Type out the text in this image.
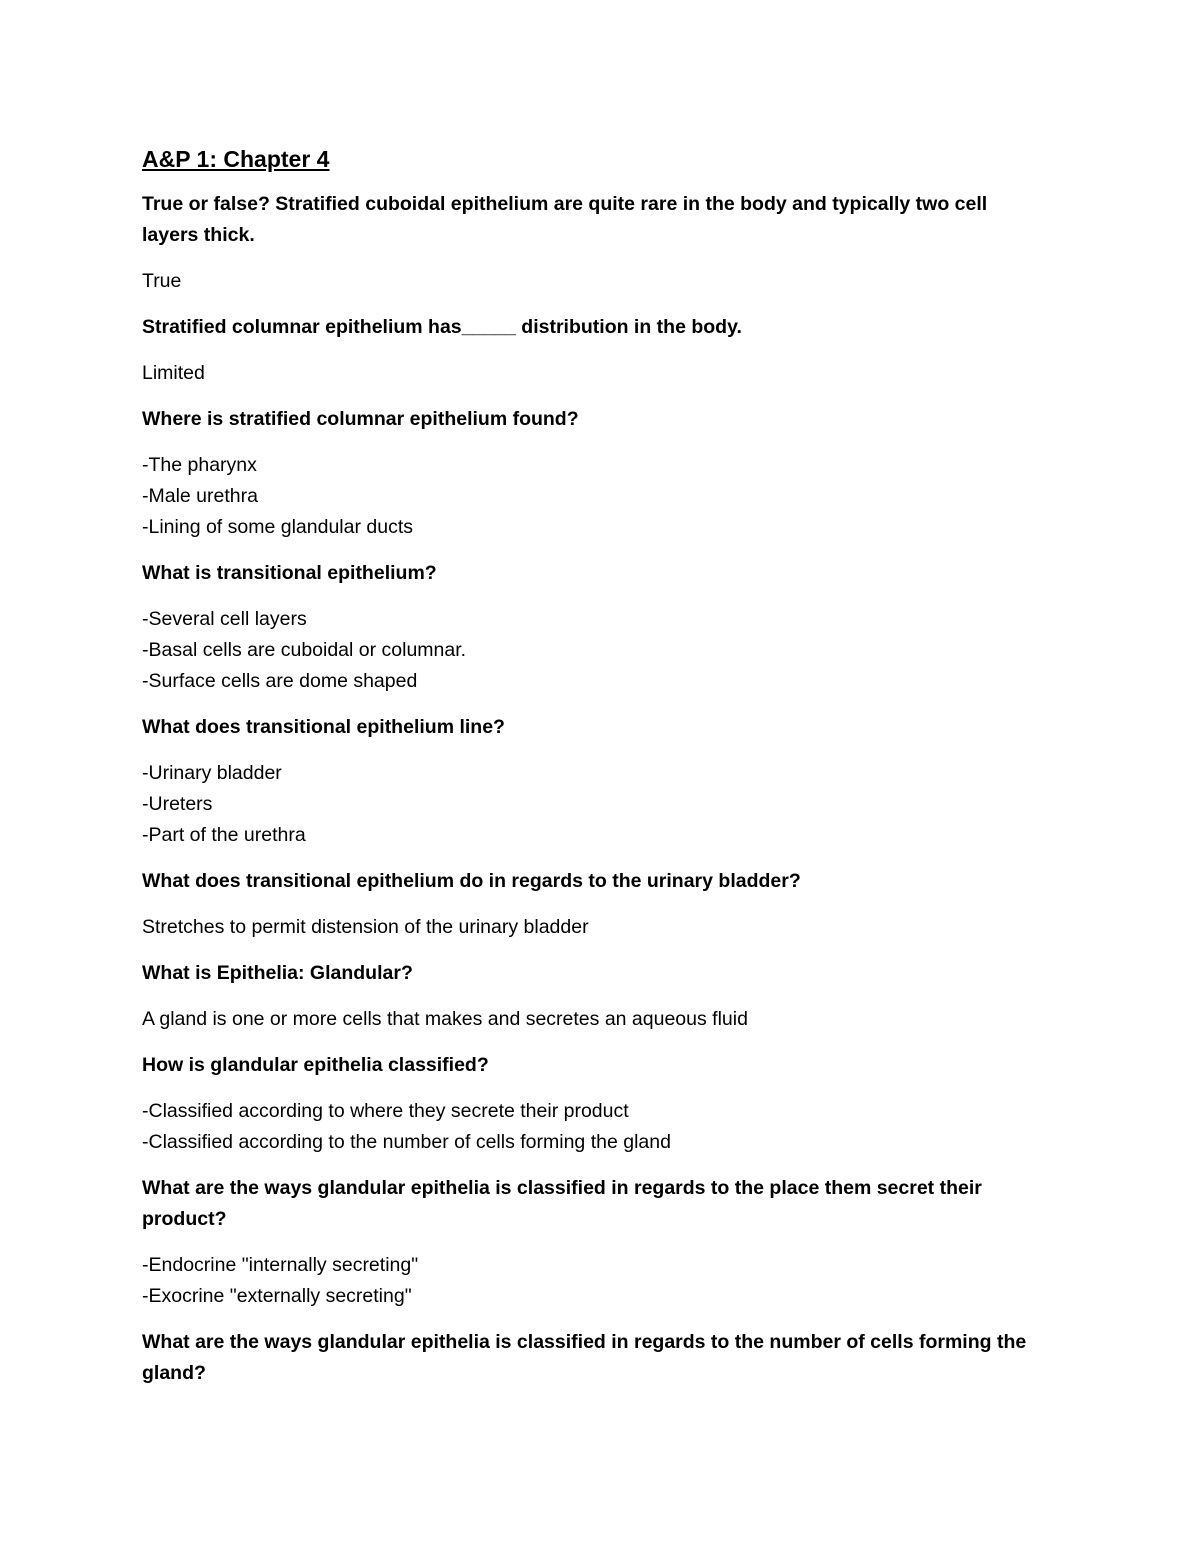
A&P 1: Chapter 4

True or false? Stratified cuboidal epithelium are quite rare in the body and typically two cell layers thick.

True

Stratified columnar epithelium has_____ distribution in the body.

Limited

Where is stratified columnar epithelium found?

-The pharynx
-Male urethra
-Lining of some glandular ducts

What is transitional epithelium?

-Several cell layers
-Basal cells are cuboidal or columnar.
-Surface cells are dome shaped

What does transitional epithelium line?

-Urinary bladder
-Ureters
-Part of the urethra

What does transitional epithelium do in regards to the urinary bladder?

Stretches to permit distension of the urinary bladder

What is Epithelia: Glandular?

A gland is one or more cells that makes and secretes an aqueous fluid

How is glandular epithelia classified?

-Classified according to where they secrete their product
-Classified according to the number of cells forming the gland

What are the ways glandular epithelia is classified in regards to the place them secret their product?

-Endocrine "internally secreting"
-Exocrine "externally secreting"

What are the ways glandular epithelia is classified in regards to the number of cells forming the gland?
